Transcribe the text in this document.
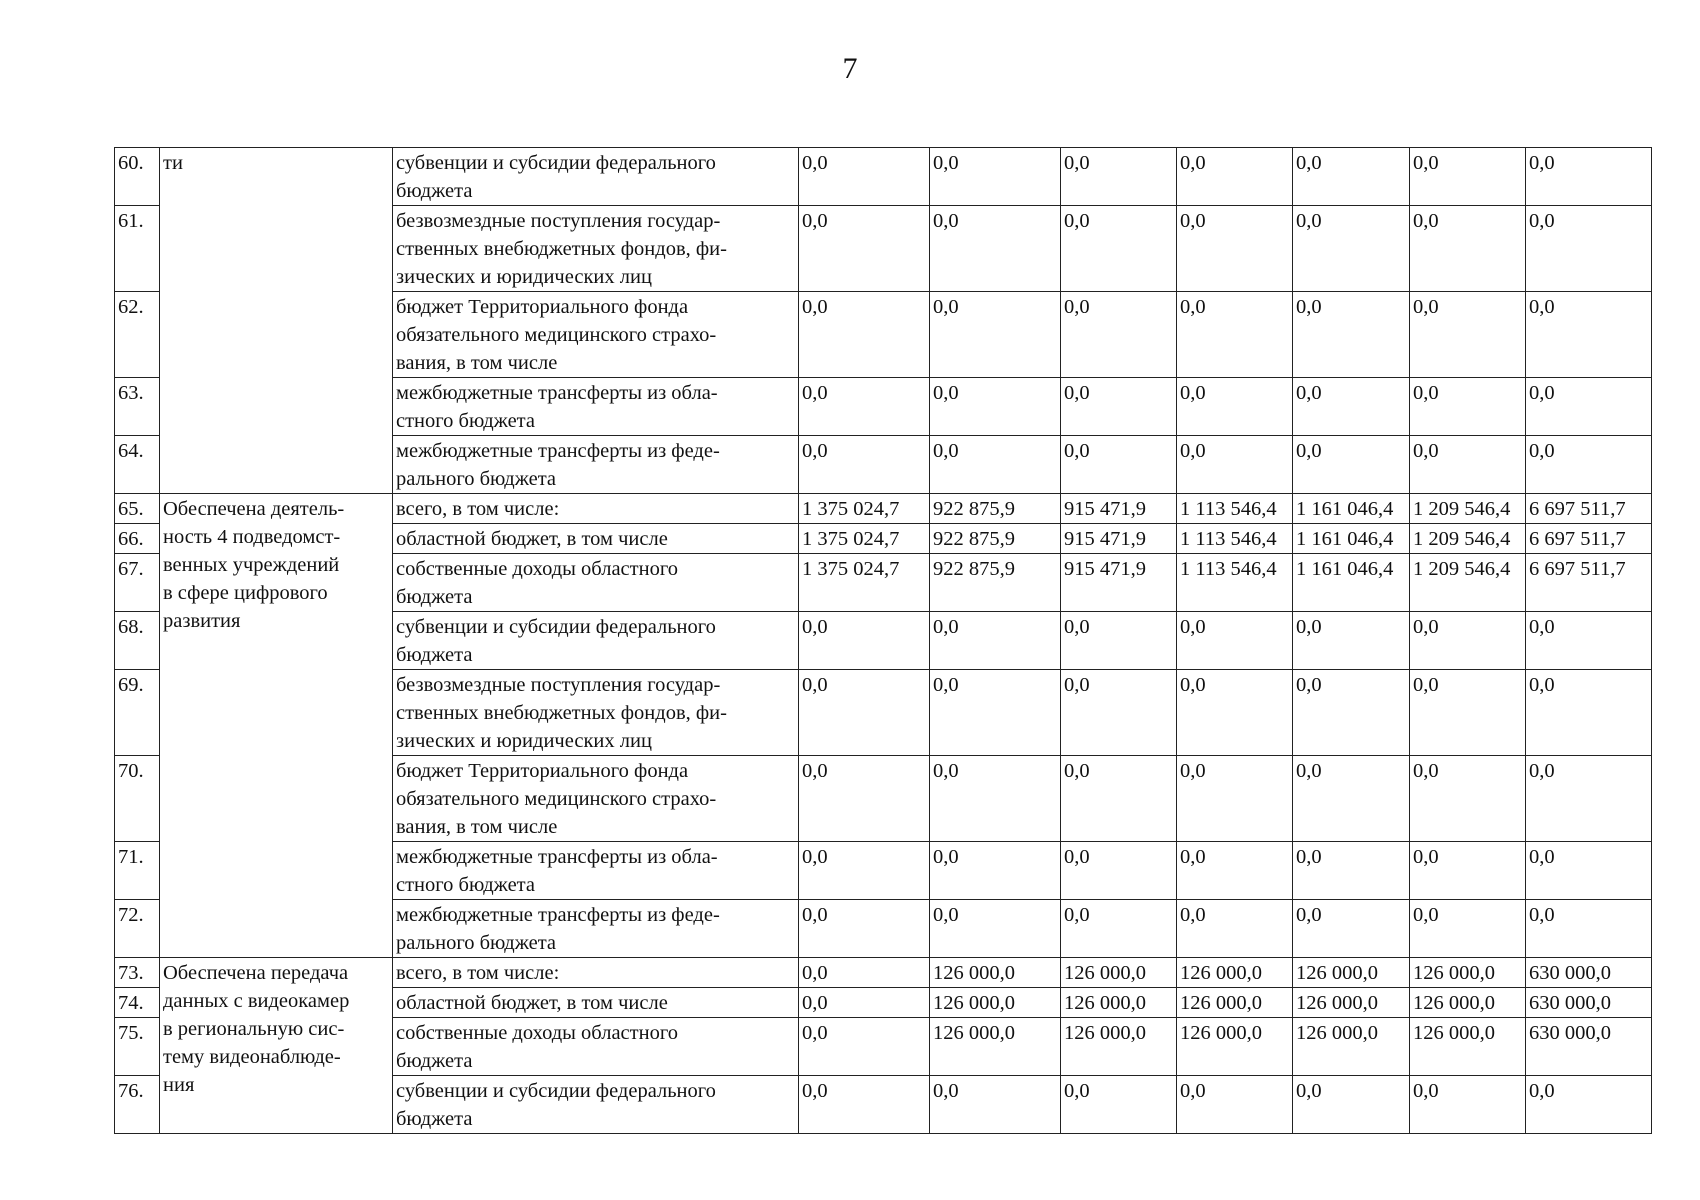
7
60.	ти	субвенции и субсидии федерального
бюджета	0,0	0,0	0,0	0,0	0,0	0,0	0,0
61.		безвозмездные поступления государ-
ственных внебюджетных фондов, фи-
зических и юридических лиц	0,0	0,0	0,0	0,0	0,0	0,0	0,0
62.		бюджет Территориального фонда
обязательного медицинского страхо-
вания, в том числе	0,0	0,0	0,0	0,0	0,0	0,0	0,0
63.		межбюджетные трансферты из обла-
стного бюджета	0,0	0,0	0,0	0,0	0,0	0,0	0,0
64.		межбюджетные трансферты из феде-
рального бюджета	0,0	0,0	0,0	0,0	0,0	0,0	0,0
65.	Обеспечена деятель-
ность 4 подведомст-
венных учреждений
в сфере цифрового
развития	всего, в том числе:	1 375 024,7	922 875,9	915 471,9	1 113 546,4	1 161 046,4	1 209 546,4	6 697 511,7
66.		областной бюджет, в том числе	1 375 024,7	922 875,9	915 471,9	1 113 546,4	1 161 046,4	1 209 546,4	6 697 511,7
67.		собственные доходы областного
бюджета	1 375 024,7	922 875,9	915 471,9	1 113 546,4	1 161 046,4	1 209 546,4	6 697 511,7
68.		субвенции и субсидии федерального
бюджета	0,0	0,0	0,0	0,0	0,0	0,0	0,0
69.		безвозмездные поступления государ-
ственных внебюджетных фондов, фи-
зических и юридических лиц	0,0	0,0	0,0	0,0	0,0	0,0	0,0
70.		бюджет Территориального фонда
обязательного медицинского страхо-
вания, в том числе	0,0	0,0	0,0	0,0	0,0	0,0	0,0
71.		межбюджетные трансферты из обла-
стного бюджета	0,0	0,0	0,0	0,0	0,0	0,0	0,0
72.		межбюджетные трансферты из феде-
рального бюджета	0,0	0,0	0,0	0,0	0,0	0,0	0,0
73.	Обеспечена передача
данных с видеокамер
в региональную сис-
тему видеонаблюде-
ния	всего, в том числе:	0,0	126 000,0	126 000,0	126 000,0	126 000,0	126 000,0	630 000,0
74.		областной бюджет, в том числе	0,0	126 000,0	126 000,0	126 000,0	126 000,0	126 000,0	630 000,0
75.		собственные доходы областного
бюджета	0,0	126 000,0	126 000,0	126 000,0	126 000,0	126 000,0	630 000,0
76.		субвенции и субсидии федерального
бюджета	0,0	0,0	0,0	0,0	0,0	0,0	0,0
